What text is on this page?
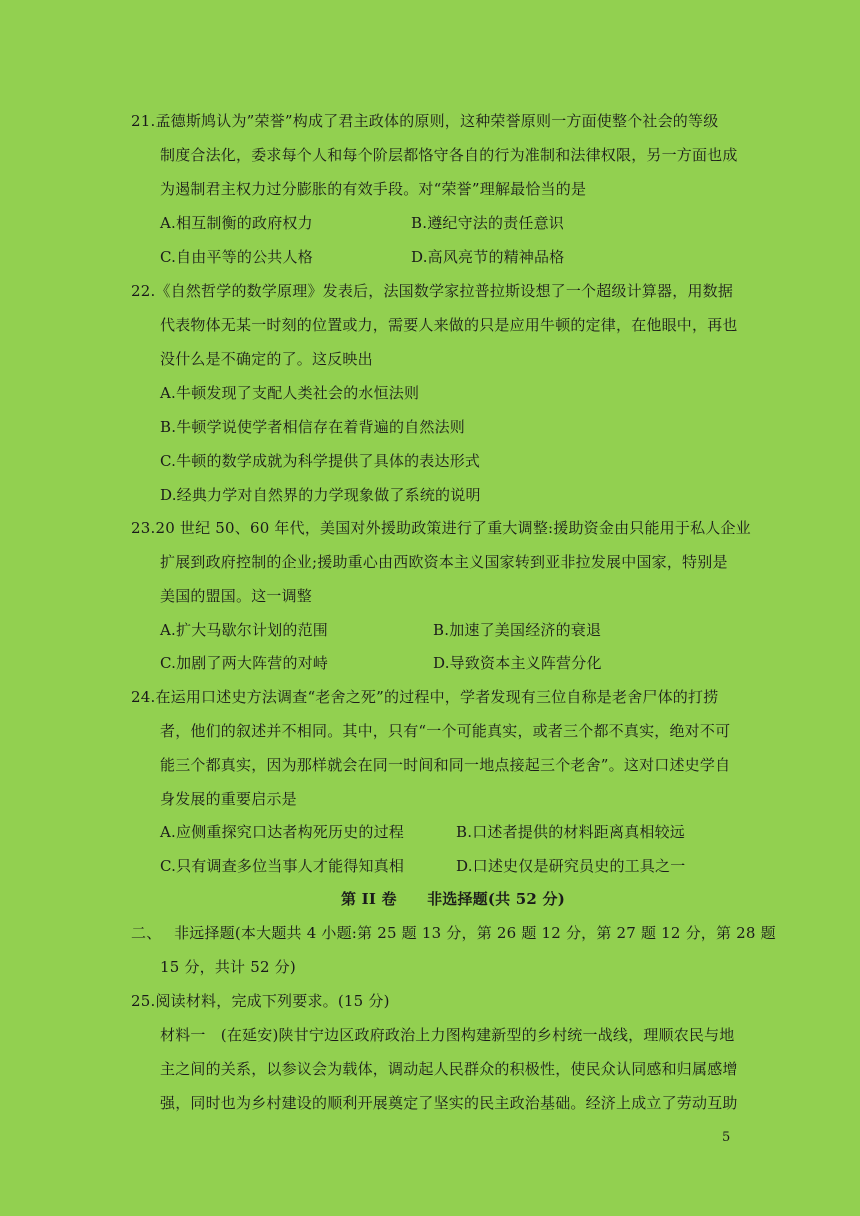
21.孟德斯鸠认为”荣誉”构成了君主政体的原则，这种荣誉原则一方面使整个社会的等级
制度合法化，委求每个人和每个阶层都恪守各自的行为准制和法律权限，另一方面也成
为遏制君主权力过分膨胀的有效手段。对“荣誉”理解最恰当的是
A.相互制衡的政府权力	B.遵纪守法的责任意识
C.自由平等的公共人格	D.高风亮节的精神品格
22.《自然哲学的数学原理》发表后，法国数学家拉普拉斯设想了一个超级计算器，用数据
代表物体无某一时刻的位置或力，需要人来做的只是应用牛顿的定律，在他眼中，再也
没什么是不确定的了。这反映出
A.牛顿发现了支配人类社会的水恒法则
B.牛顿学说使学者相信存在着背遍的自然法则
C.牛顿的数学成就为科学提供了具体的表达形式
D.经典力学对自然界的力学现象做了系统的说明
23.20 世纪 50、60 年代，美国对外援助政策进行了重大调整:援助资金由只能用于私人企业
扩展到政府控制的企业;援助重心由西欧资本主义国家转到亚非拉发展中国家，特别是
美国的盟国。这一调整
A.扩大马歇尔计划的范围	B.加速了美国经济的衰退
C.加剧了两大阵营的对峙	D.导致资本主义阵营分化
24.在运用口述史方法调查“老舍之死”的过程中，学者发现有三位自称是老舍尸体的打捞
者，他们的叙述并不相同。其中，只有“一个可能真实，或者三个都不真实，绝对不可
能三个都真实，因为那样就会在同一时间和同一地点接起三个老舍”。这对口述史学自
身发展的重要启示是
A.应侧重探究口达者构死历史的过程	B.口述者提供的材料距离真相较远
C.只有调查多位当事人才能得知真相	D.口述史仅是研究员史的工具之一
第 II 卷　　非选择题(共 52 分)
二、　 非远择题(本大题共 4 小题:第 25 题 13 分，第 26 题 12 分，第 27 题 12 分，第 28 题
15 分，共计 52 分)
25.阅读材料，完成下列要求。(15 分)
材料一　(在延安)陕甘宁边区政府政治上力图构建新型的乡村统一战线，理顺农民与地
主之间的关系，以参议会为载体，调动起人民群众的积极性，使民众认同感和归属感增
强，同时也为乡村建设的顺利开展奠定了坚实的民主政治基础。经济上成立了劳动互助
5
